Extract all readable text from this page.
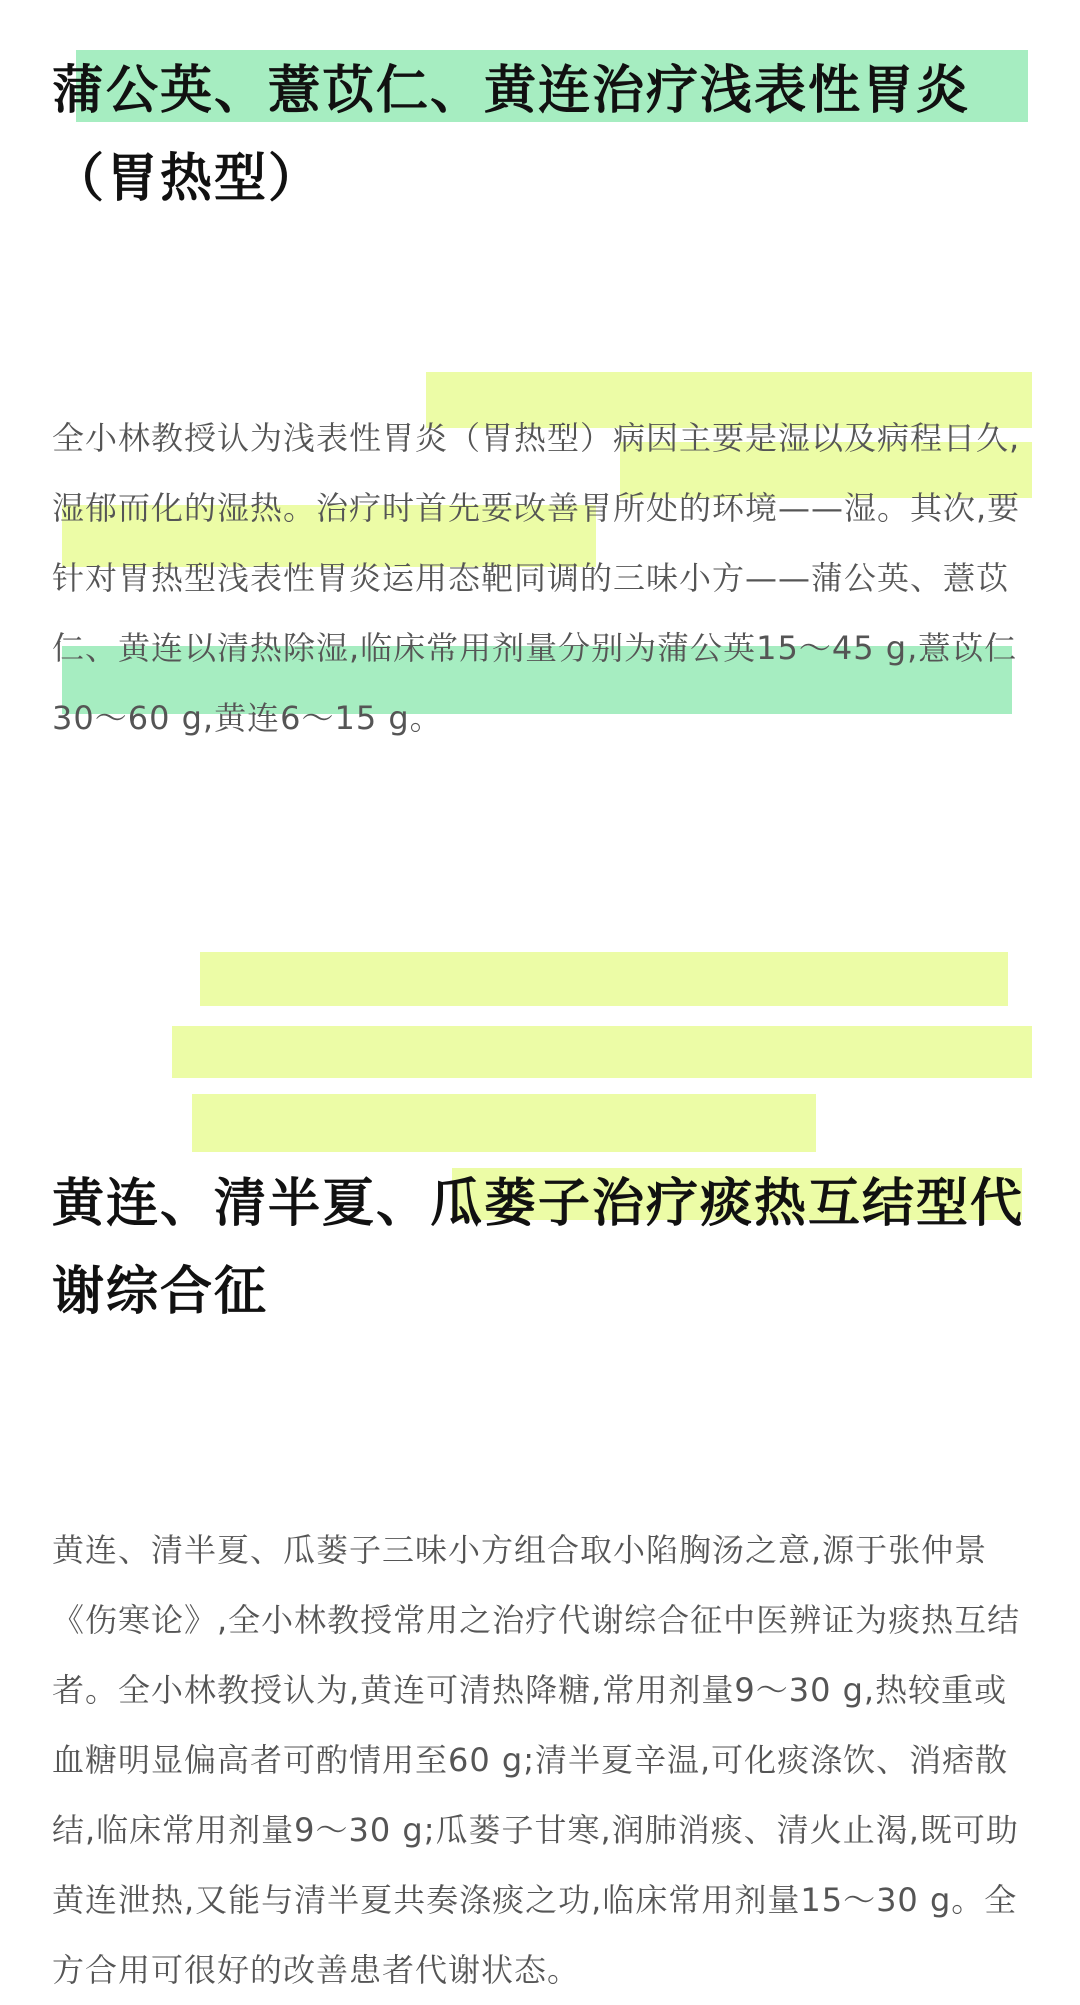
蒲公英、薏苡仁、黄连治疗浅表性胃炎（胃热型）

全小林教授认为浅表性胃炎（胃热型）病因主要是湿以及病程日久,湿郁而化的湿热。治疗时首先要改善胃所处的环境——湿。其次,要针对胃热型浅表性胃炎运用态靶同调的三味小方——蒲公英、薏苡仁、黄连以清热除湿,临床常用剂量分别为蒲公英15～45 g,薏苡仁30～60 g,黄连6～15 g。

黄连、清半夏、瓜蒌子治疗痰热互结型代谢综合征

黄连、清半夏、瓜蒌子三味小方组合取小陷胸汤之意,源于张仲景《伤寒论》,全小林教授常用之治疗代谢综合征中医辨证为痰热互结者。全小林教授认为,黄连可清热降糖,常用剂量9～30 g,热较重或血糖明显偏高者可酌情用至60 g;清半夏辛温,可化痰涤饮、消痞散结,临床常用剂量9～30 g;瓜蒌子甘寒,润肺消痰、清火止渴,既可助黄连泄热,又能与清半夏共奏涤痰之功,临床常用剂量15～30 g。全方合用可很好的改善患者代谢状态。
